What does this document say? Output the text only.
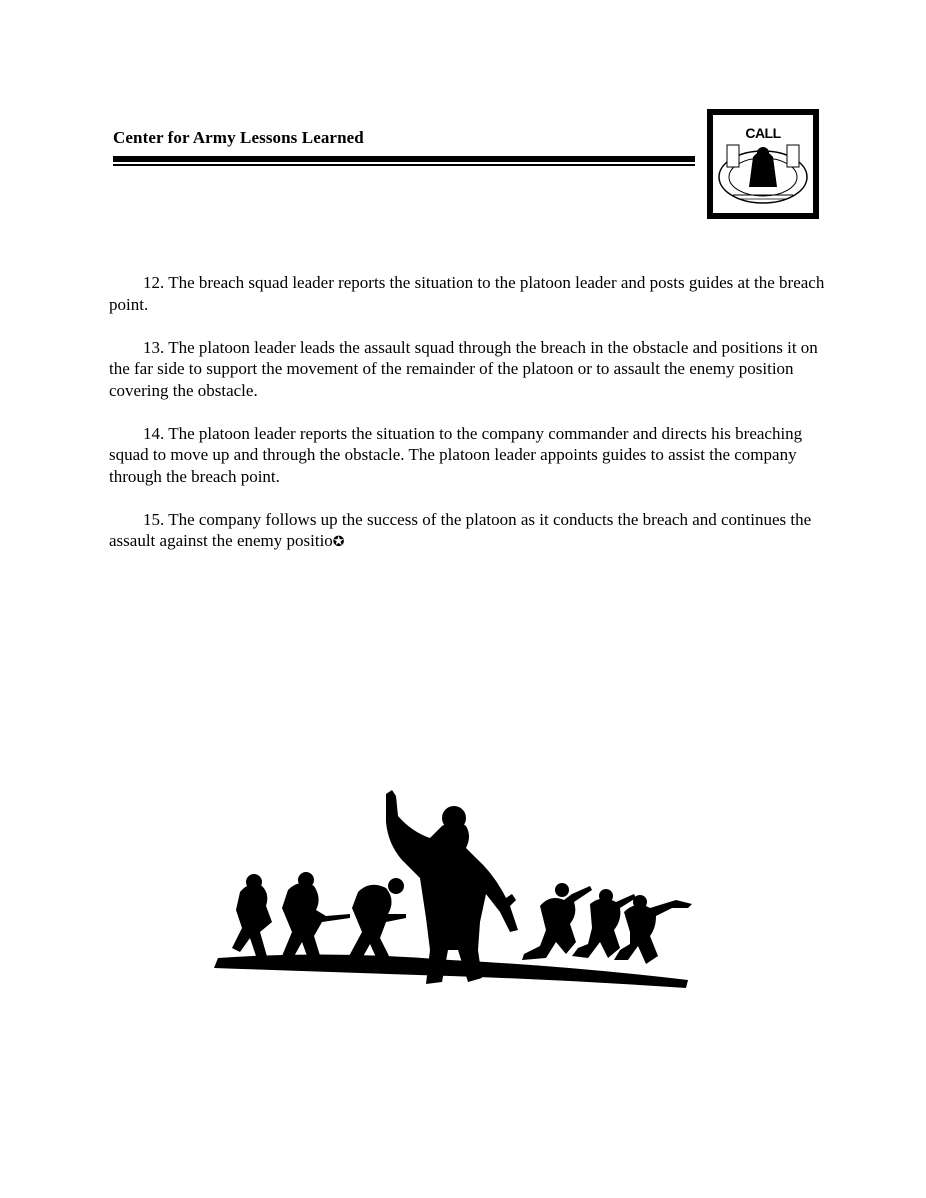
Center for Army Lessons Learned	CALL

12. The breach squad leader reports the situation to the platoon leader and posts guides at the breach point.

13. The platoon leader leads the assault squad through the breach in the obstacle and positions it on the far side to support the movement of the remainder of the platoon or to assault the enemy position covering the obstacle.

14. The platoon leader reports the situation to the company commander and directs his breaching squad to move up and through the obstacle. The platoon leader appoints guides to assist the company through the breach point.

15. The company follows up the success of the platoon as it conducts the breach and continues the assault against the enemy positio✪
